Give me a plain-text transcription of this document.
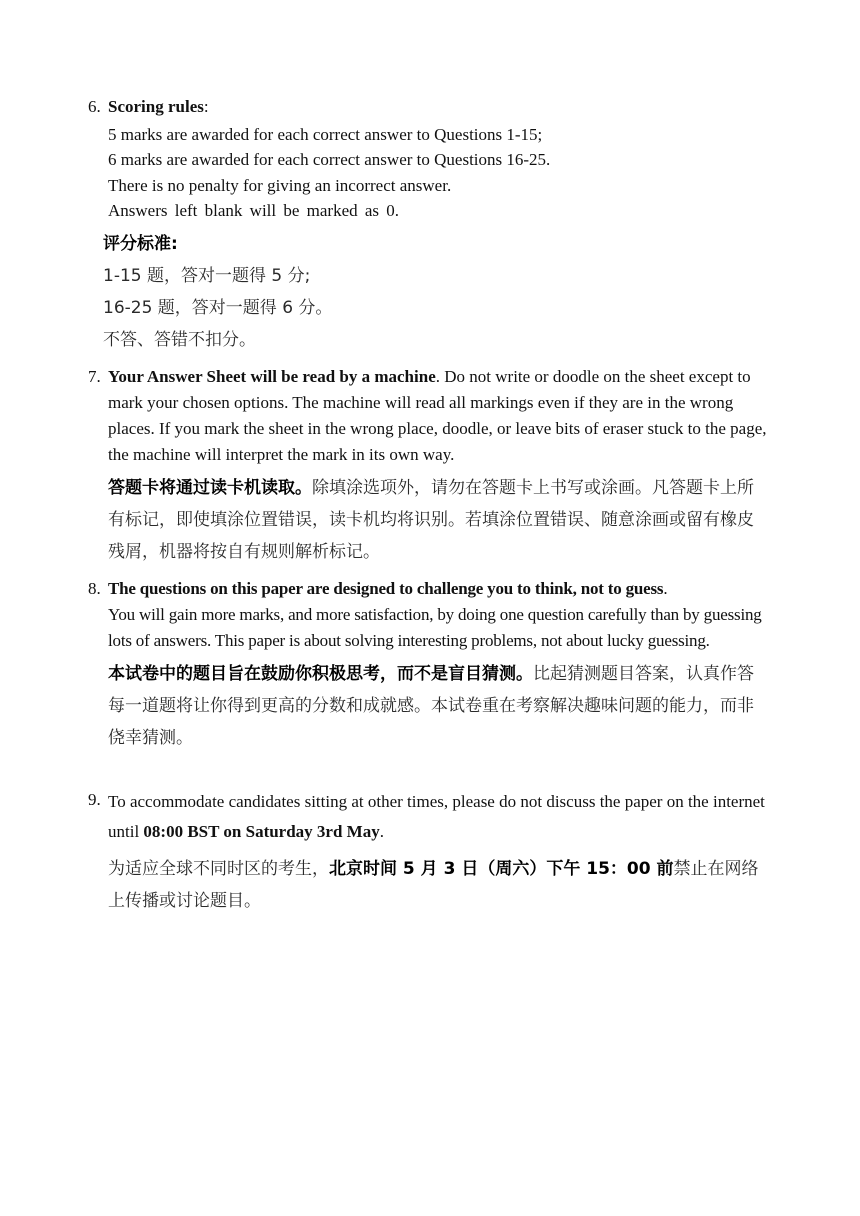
6. Scoring rules:
5 marks are awarded for each correct answer to Questions 1-15;
6 marks are awarded for each correct answer to Questions 16-25.
There is no penalty for giving an incorrect answer.
Answers left blank will be marked as 0.
评分标准:
1-15 题，答对一题得 5 分;
16-25 题，答对一题得 6 分。
不答、答错不扣分。
7. Your Answer Sheet will be read by a machine. Do not write or doodle on the sheet except to mark your chosen options. The machine will read all markings even if they are in the wrong places. If you mark the sheet in the wrong place, doodle, or leave bits of eraser stuck to the page, the machine will interpret the mark in its own way.
答题卡将通过读卡机读取。除填涂选项外，请勿在答题卡上书写或涂画。凡答题卡上所有标记，即使填涂位置错误，读卡机均将识别。若填涂位置错误、随意涂画或留有橡皮残屑，机器将按自有规则解析标记。
8. The questions on this paper are designed to challenge you to think, not to guess.
You will gain more marks, and more satisfaction, by doing one question carefully than by guessing lots of answers. This paper is about solving interesting problems, not about lucky guessing.
本试卷中的题目旨在鼓励你积极思考，而不是盲目猜测。比起猜测题目答案，认真作答每一道题将让你得到更高的分数和成就感。本试卷重在考察解决趣味问题的能力，而非侥幸猜测。
9. To accommodate candidates sitting at other times, please do not discuss the paper on the internet until 08:00 BST on Saturday 3rd May.
为适应全球不同时区的考生，北京时间 5 月 3 日（周六）下午 15：00 前禁止在网络上传播或讨论题目。
